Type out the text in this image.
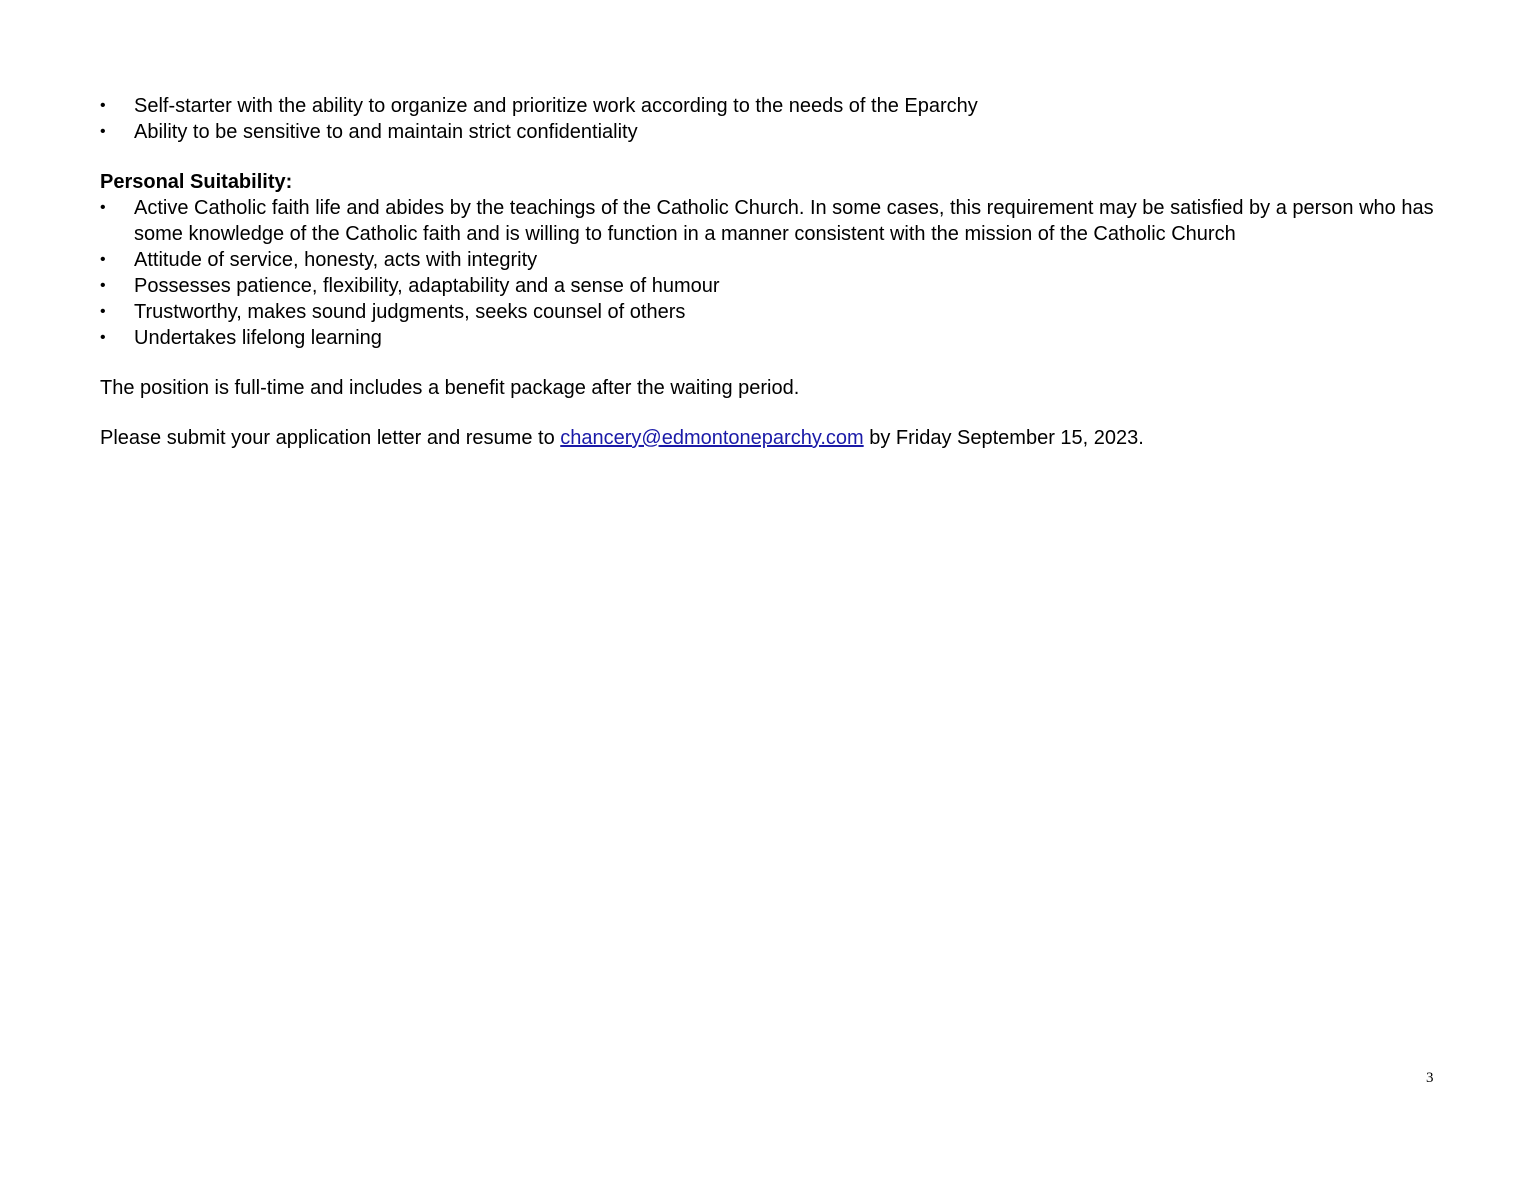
• Self-starter with the ability to organize and prioritize work according to the needs of the Eparchy
• Ability to be sensitive to and maintain strict confidentiality
Personal Suitability:
• Active Catholic faith life and abides by the teachings of the Catholic Church. In some cases, this requirement may be satisfied by a person who has some knowledge of the Catholic faith and is willing to function in a manner consistent with the mission of the Catholic Church
• Attitude of service, honesty, acts with integrity
• Possesses patience, flexibility, adaptability and a sense of humour
• Trustworthy, makes sound judgments, seeks counsel of others
• Undertakes lifelong learning

The position is full-time and includes a benefit package after the waiting period.

Please submit your application letter and resume to chancery@edmontoneparchy.com by Friday September 15, 2023.

3
